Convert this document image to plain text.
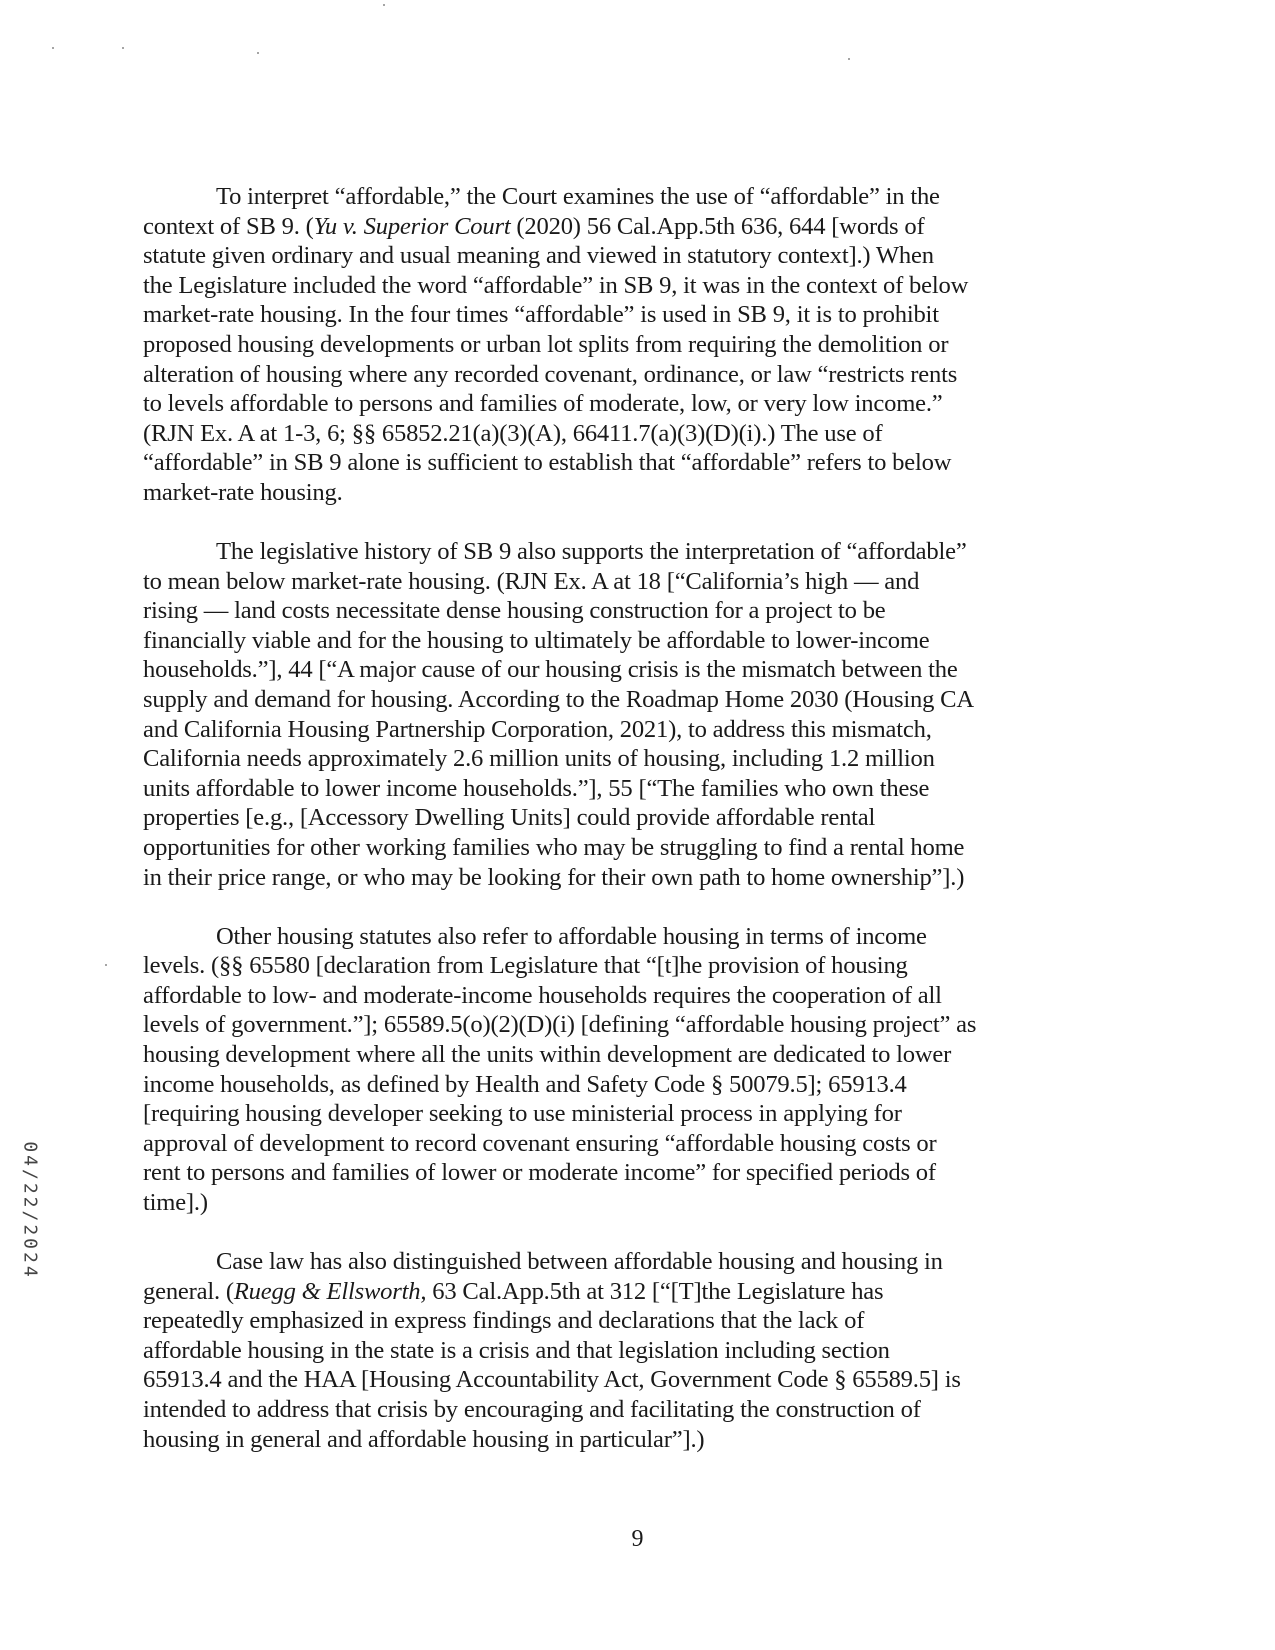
To interpret “affordable,” the Court examines the use of “affordable” in the
context of SB 9. (Yu v. Superior Court (2020) 56 Cal.App.5th 636, 644 [words of
statute given ordinary and usual meaning and viewed in statutory context].) When
the Legislature included the word “affordable” in SB 9, it was in the context of below
market-rate housing. In the four times “affordable” is used in SB 9, it is to prohibit
proposed housing developments or urban lot splits from requiring the demolition or
alteration of housing where any recorded covenant, ordinance, or law “restricts rents
to levels affordable to persons and families of moderate, low, or very low income.”
(RJN Ex. A at 1-3, 6; §§ 65852.21(a)(3)(A), 66411.7(a)(3)(D)(i).) The use of
“affordable” in SB 9 alone is sufficient to establish that “affordable” refers to below
market-rate housing.
The legislative history of SB 9 also supports the interpretation of “affordable”
to mean below market-rate housing. (RJN Ex. A at 18 [“California’s high — and
rising — land costs necessitate dense housing construction for a project to be
financially viable and for the housing to ultimately be affordable to lower-income
households.”], 44 [“A major cause of our housing crisis is the mismatch between the
supply and demand for housing. According to the Roadmap Home 2030 (Housing CA
and California Housing Partnership Corporation, 2021), to address this mismatch,
California needs approximately 2.6 million units of housing, including 1.2 million
units affordable to lower income households.”], 55 [“The families who own these
properties [e.g., [Accessory Dwelling Units] could provide affordable rental
opportunities for other working families who may be struggling to find a rental home
in their price range, or who may be looking for their own path to home ownership”].)
Other housing statutes also refer to affordable housing in terms of income
levels. (§§ 65580 [declaration from Legislature that “[t]he provision of housing
affordable to low- and moderate-income households requires the cooperation of all
levels of government.”]; 65589.5(o)(2)(D)(i) [defining “affordable housing project” as
housing development where all the units within development are dedicated to lower
income households, as defined by Health and Safety Code § 50079.5]; 65913.4
[requiring housing developer seeking to use ministerial process in applying for
approval of development to record covenant ensuring “affordable housing costs or
rent to persons and families of lower or moderate income” for specified periods of
time].)
Case law has also distinguished between affordable housing and housing in
general. (Ruegg & Ellsworth, 63 Cal.App.5th at 312 [“[T]the Legislature has
repeatedly emphasized in express findings and declarations that the lack of
affordable housing in the state is a crisis and that legislation including section
65913.4 and the HAA [Housing Accountability Act, Government Code § 65589.5] is
intended to address that crisis by encouraging and facilitating the construction of
housing in general and affordable housing in particular”].)
04/22/2024
9
